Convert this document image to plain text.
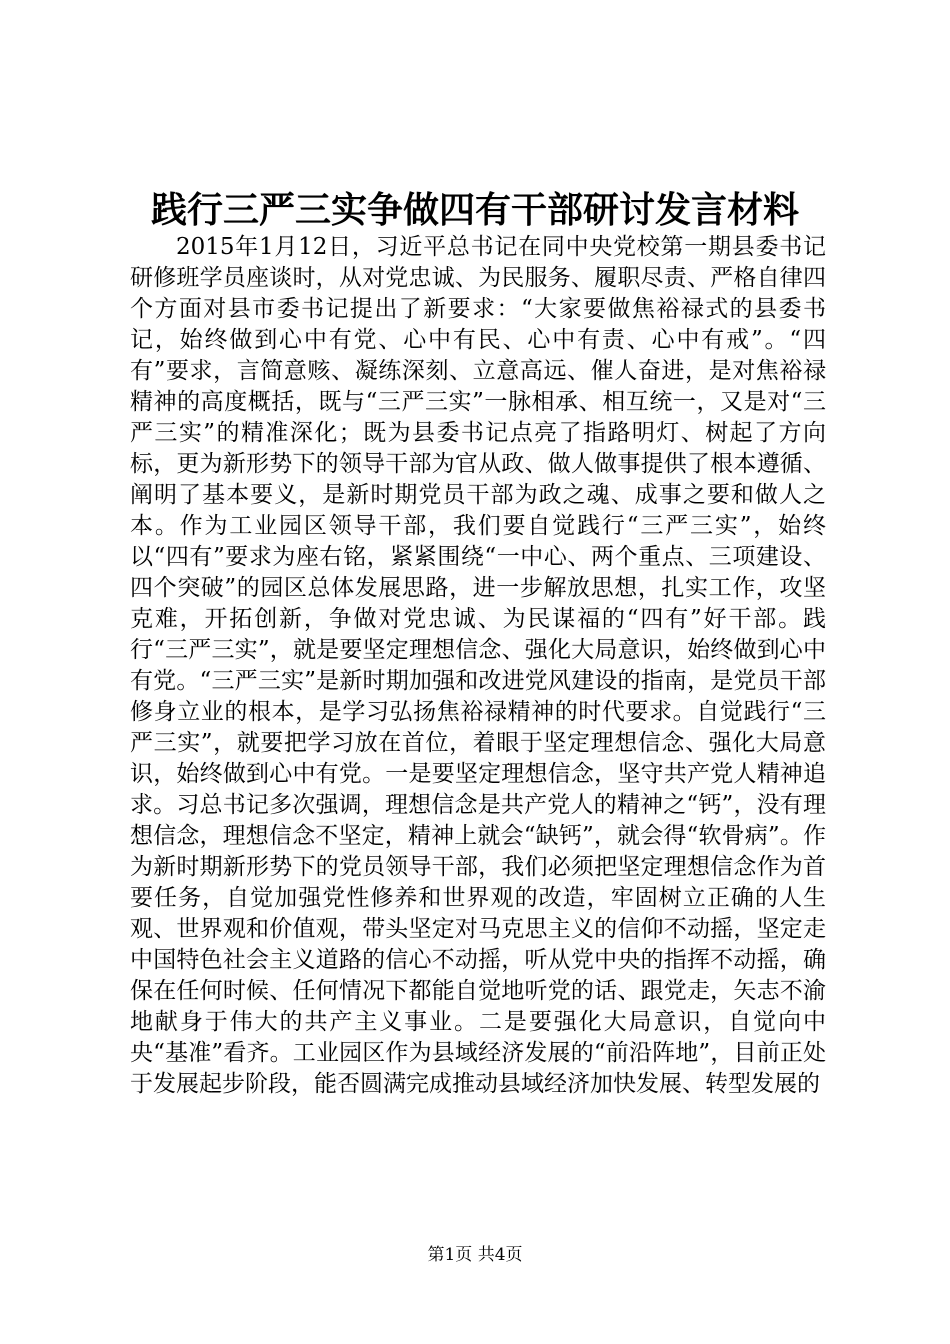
践行三严三实争做四有干部研讨发言材料

2015年1月12日，习近平总书记在同中央党校第一期县委书记研修班学员座谈时，从对党忠诚、为民服务、履职尽责、严格自律四个方面对县市委书记提出了新要求：“大家要做焦裕禄式的县委书记，始终做到心中有党、心中有民、心中有责、心中有戒”。“四有”要求，言简意赅、凝练深刻、立意高远、催人奋进，是对焦裕禄精神的高度概括，既与“三严三实”一脉相承、相互统一，又是对“三严三实”的精准深化；既为县委书记点亮了指路明灯、树起了方向标，更为新形势下的领导干部为官从政、做人做事提供了根本遵循、阐明了基本要义，是新时期党员干部为政之魂、成事之要和做人之本。作为工业园区领导干部，我们要自觉践行“三严三实”，始终以“四有”要求为座右铭，紧紧围绕“一中心、两个重点、三项建设、四个突破”的园区总体发展思路，进一步解放思想，扎实工作，攻坚克难，开拓创新，争做对党忠诚、为民谋福的“四有”好干部。践行“三严三实”，就是要坚定理想信念、强化大局意识，始终做到心中有党。“三严三实”是新时期加强和改进党风建设的指南，是党员干部修身立业的根本，是学习弘扬焦裕禄精神的时代要求。自觉践行“三严三实”，就要把学习放在首位，着眼于坚定理想信念、强化大局意识，始终做到心中有党。一是要坚定理想信念，坚守共产党人精神追求。习总书记多次强调，理想信念是共产党人的精神之“钙”，没有理想信念，理想信念不坚定，精神上就会“缺钙”，就会得“软骨病”。作为新时期新形势下的党员领导干部，我们必须把坚定理想信念作为首要任务，自觉加强党性修养和世界观的改造，牢固树立正确的人生观、世界观和价值观，带头坚定对马克思主义的信仰不动摇，坚定走中国特色社会主义道路的信心不动摇，听从党中央的指挥不动摇，确保在任何时候、任何情况下都能自觉地听党的话、跟党走，矢志不渝地献身于伟大的共产主义事业。二是要强化大局意识，自觉向中央“基准”看齐。工业园区作为县域经济发展的“前沿阵地”，目前正处于发展起步阶段，能否圆满完成推动县域经济加快发展、转型发展的

第1页 共4页
